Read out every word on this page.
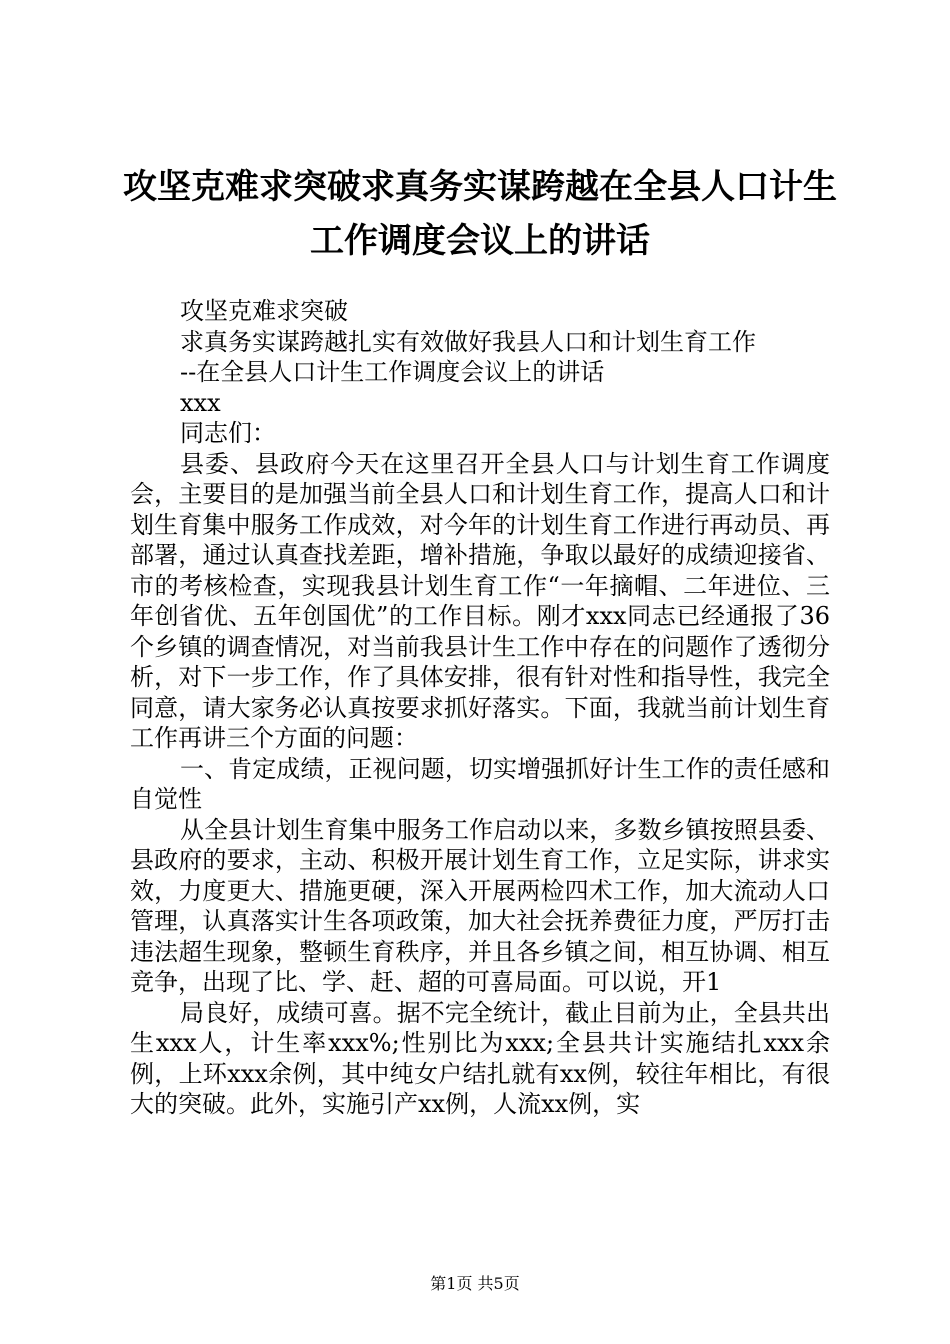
攻坚克难求突破求真务实谋跨越在全县人口计生工作调度会议上的讲话
攻坚克难求突破
求真务实谋跨越扎实有效做好我县人口和计划生育工作
--在全县人口计生工作调度会议上的讲话
xxx
同志们：

县委、县政府今天在这里召开全县人口与计划生育工作调度会，主要目的是加强当前全县人口和计划生育工作，提高人口和计划生育集中服务工作成效，对今年的计划生育工作进行再动员、再部署，通过认真查找差距，增补措施，争取以最好的成绩迎接省、市的考核检查，实现我县计划生育工作“一年摘帽、二年进位、三年创省优、五年创国优”的工作目标。刚才xxx同志已经通报了36个乡镇的调查情况，对当前我县计生工作中存在的问题作了透彻分析，对下一步工作，作了具体安排，很有针对性和指导性，我完全同意，请大家务必认真按要求抓好落实。下面，我就当前计划生育工作再讲三个方面的问题：

一、肯定成绩，正视问题，切实增强抓好计生工作的责任感和自觉性

从全县计划生育集中服务工作启动以来，多数乡镇按照县委、县政府的要求，主动、积极开展计划生育工作，立足实际，讲求实效，力度更大、措施更硬，深入开展两检四术工作，加大流动人口管理，认真落实计生各项政策，加大社会抚养费征力度，严厉打击违法超生现象，整顿生育秩序，并且各乡镇之间，相互协调、相互竞争，出现了比、学、赶、超的可喜局面。可以说，开1

局良好，成绩可喜。据不完全统计，截止目前为止，全县共出生xxx人，计生率xxx%;性别比为xxx;全县共计实施结扎xxx余例，上环xxx余例，其中纯女户结扎就有xx例，较往年相比，有很大的突破。此外，实施引产xx例，人流xx例，实

第1页 共5页
